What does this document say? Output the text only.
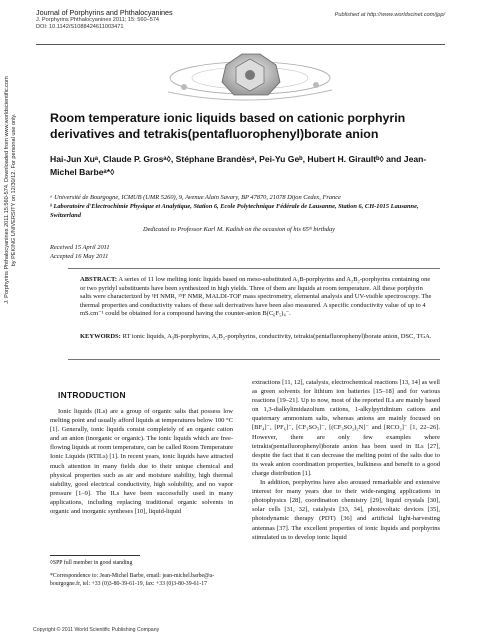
J. Porphyrins Phthalocyanines 2011.15:560-574. Downloaded from www.worldscientific.com by PEKING UNIVERSITY on 12/30/12. For personal use only.
Journal of Porphyrins and Phthalocyanines
J. Porphyrins Phthalocyanines 2011; 15: 560–574
DOI: 10.1142/S1088424611003471
Published at http://www.worldscinet.com/jpp/
Room temperature ionic liquids based on cationic porphyrin derivatives and tetrakis(pentafluorophenyl)borate anion
Hai-Jun Xuᵃ, Claude P. Grosᵃ◊, Stéphane Brandèsᵃ, Pei-Yu Geᵇ, Hubert H. Giraultᵇ◊ and Jean-Michel Barbeᵃ*◊
ᵃ Université de Bourgogne, ICMUB (UMR 5260), 9, Avenue Alain Savary, BP 47870, 21078 Dijon Cedex, France
ᵇ Laboratoire d'Electrochimie Physique et Analytique, Station 6, Ecole Polytechnique Fédérale de Lausanne, Station 6, CH-1015 Lausanne, Switzerland
Dedicated to Professor Karl M. Kadish on the occasion of his 65ᵗʰ birthday
Received 15 April 2011
Accepted 16 May 2011
ABSTRACT: A series of 11 low melting ionic liquids based on meso-substituted A₃B-porphyrins and A₂B₂-porphyrins containing one or two pyridyl substituents have been synthesized in high yields. Three of them are liquids at room temperature. All these porphyrin salts were characterized by ¹H NMR, ¹⁹F NMR, MALDI-TOF mass spectrometry, elemental analysis and UV-visible spectroscopy. The thermal properties and conductivity values of these salt derivatives have been also measured. A specific conductivity value of up to 4 mS.cm⁻¹ could be obtained for a compound having the counter-anion B(C₆F₅)₄⁻.
KEYWORDS: RT ionic liquids, A₃B-porphyrins, A₂B₂-porphyrins, conductivity, tetrakis(pentafluorophenyl)borate anion, DSC, TGA.
INTRODUCTION
Ionic liquids (ILs) are a group of organic salts that possess low melting point and usually afford liquids at temperatures below 100 °C [1]. Generally, ionic liquids consist completely of an organic cation and an anion (inorganic or organic). The ionic liquids which are free-flowing liquids at room temperature, can be called Room Temperature Ionic Liquids (RTILs) [1]. In recent years, ionic liquids have attracted much attention in many fields due to their unique chemical and physical properties such as air and moisture stability, high thermal stability, good electrical conductivity, high solubility, and no vapor pressure [1–9]. The ILs have been successfully used in many applications, including replacing traditional organic solvents in organic and inorganic syntheses [10], liquid-liquid
extractions [11, 12], catalysis, electrochemical reactions [13, 14] as well as green solvents for lithium ion batteries [15–18] and for various reactions [19–21]. Up to now, most of the reported ILs are mainly based on 1,3-dialkylimidazolium cations, 1-alkylpyridinium cations and quaternary ammonium salts, whereas anions are mainly focused on [BF₄]⁻, [PF₆]⁻, [CF₃SO₃]⁻, [(CF₃SO₂)₂N]⁻ and [RCO₂]⁻ [1, 22–26]. However, there are only few examples where tetrakis(pentafluorophenyl)borate anion has been used in ILs [27], despite the fact that it can decrease the melting point of the salts due to its weak anion coordination properties, bulkiness and benefit to a good charge distribution [1].
In addition, porphyrins have also aroused remarkable and extensive interest for many years due to their wide-ranging applications in photophysics [28], coordination chemistry [29], liquid crystals [30], solar cells [31, 32], catalysis [33, 34], photovoltaic devices [35], photodynamic therapy (PDT) [36] and artificial light-harvesting antennas [37]. The excellent properties of ionic liquids and porphyrins stimulated us to develop ionic liquid
◊SPP full member in good standing
*Correspondence to: Jean-Michel Barbe, email: jean-michel.barbe@u-bourgogne.fr, tel: +33 (0)3-80-39-61-19, fax: +33 (0)3-80-39-61-17
Copyright © 2011 World Scientific Publishing Company
